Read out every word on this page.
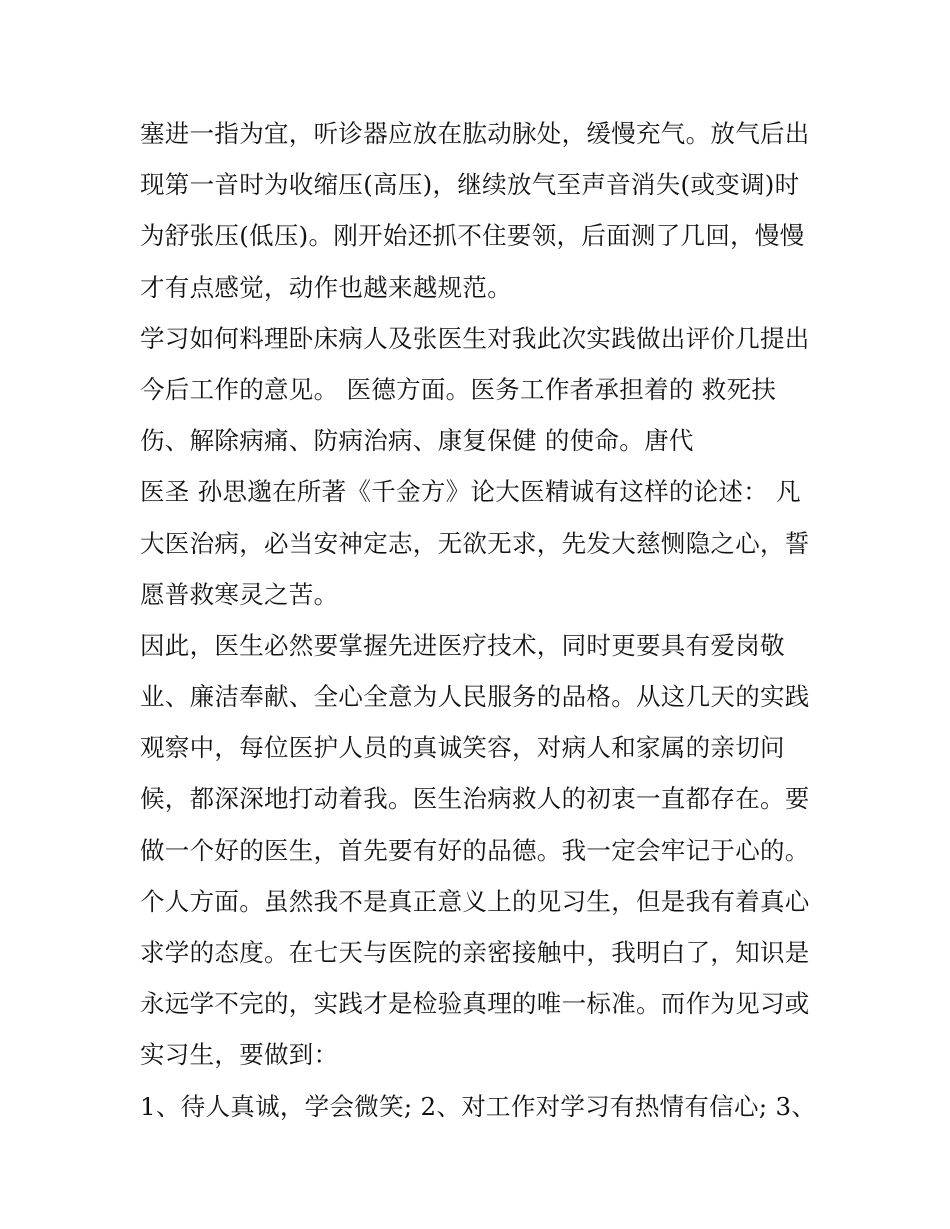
塞进一指为宜，听诊器应放在肱动脉处，缓慢充气。放气后出
现第一音时为收缩压(高压)，继续放气至声音消失(或变调)时
为舒张压(低压)。刚开始还抓不住要领，后面测了几回，慢慢
才有点感觉，动作也越来越规范。
学习如何料理卧床病人及张医生对我此次实践做出评价几提出
今后工作的意见。 医德方面。医务工作者承担着的 救死扶
伤、解除病痛、防病治病、康复保健 的使命。唐代
医圣 孙思邈在所著《千金方》论大医精诚有这样的论述： 凡
大医治病，必当安神定志，无欲无求，先发大慈恻隐之心，誓
愿普救寒灵之苦。
因此，医生必然要掌握先进医疗技术，同时更要具有爱岗敬
业、廉洁奉献、全心全意为人民服务的品格。从这几天的实践
观察中，每位医护人员的真诚笑容，对病人和家属的亲切问
候，都深深地打动着我。医生治病救人的初衷一直都存在。要
做一个好的医生，首先要有好的品德。我一定会牢记于心的。
个人方面。虽然我不是真正意义上的见习生，但是我有着真心
求学的态度。在七天与医院的亲密接触中，我明白了，知识是
永远学不完的，实践才是检验真理的唯一标准。而作为见习或
实习生，要做到：
1、待人真诚，学会微笑; 2、对工作对学习有热情有信心; 3、
